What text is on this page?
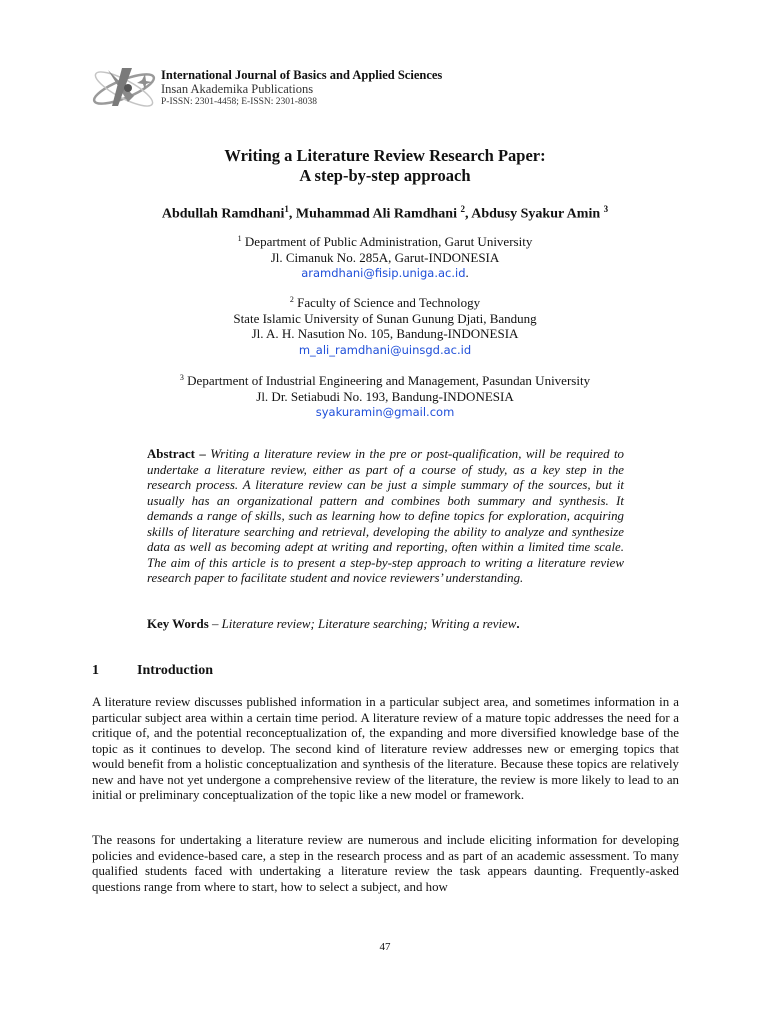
International Journal of Basics and Applied Sciences
Insan Akademika Publications
P-ISSN: 2301-4458; E-ISSN: 2301-8038
Writing a Literature Review Research Paper:
A step-by-step approach
Abdullah Ramdhani$^1$, Muhammad Ali Ramdhani $^2$, Abdusy Syakur Amin $^3$
$^1$ Department of Public Administration, Garut University
Jl. Cimanuk No. 285A, Garut-INDONESIA
aramdhani@fisip.uniga.ac.id.
$^2$ Faculty of Science and Technology
State Islamic University of Sunan Gunung Djati, Bandung
Jl. A. H. Nasution No. 105, Bandung-INDONESIA
m_ali_ramdhani@uinsgd.ac.id
$^3$ Department of Industrial Engineering and Management, Pasundan University
Jl. Dr. Setiabudi No. 193, Bandung-INDONESIA
syakuramin@gmail.com
Abstract – Writing a literature review in the pre or post-qualification, will be required to undertake a literature review, either as part of a course of study, as a key step in the research process. A literature review can be just a simple summary of the sources, but it usually has an organizational pattern and combines both summary and synthesis. It demands a range of skills, such as learning how to define topics for exploration, acquiring skills of literature searching and retrieval, developing the ability to analyze and synthesize data as well as becoming adept at writing and reporting, often within a limited time scale. The aim of this article is to present a step-by-step approach to writing a literature review research paper to facilitate student and novice reviewers’ understanding.
Key Words – Literature review; Literature searching; Writing a review.
1	Introduction
A literature review discusses published information in a particular subject area, and sometimes information in a particular subject area within a certain time period. A literature review of a mature topic addresses the need for a critique of, and the potential reconceptualization of, the expanding and more diversified knowledge base of the topic as it continues to develop. The second kind of literature review addresses new or emerging topics that would benefit from a holistic conceptualization and synthesis of the literature. Because these topics are relatively new and have not yet undergone a comprehensive review of the literature, the review is more likely to lead to an initial or preliminary conceptualization of the topic like a new model or framework.
The reasons for undertaking a literature review are numerous and include eliciting information for developing policies and evidence-based care, a step in the research process and as part of an academic assessment. To many qualified students faced with undertaking a literature review the task appears daunting. Frequently-asked questions range from where to start, how to select a subject, and how
47
